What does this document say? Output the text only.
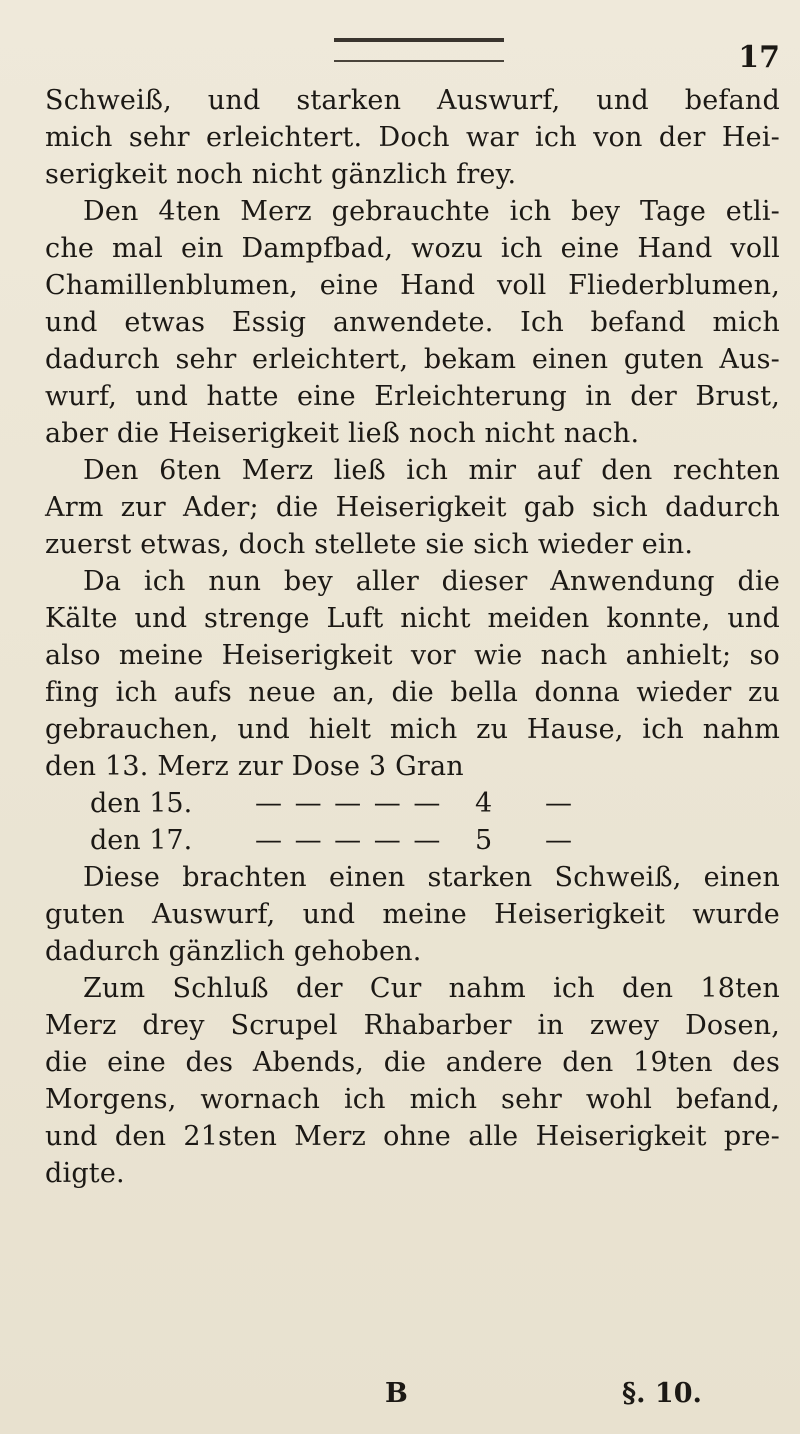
17
Schweiß, und starken Auswurf, und befand
mich sehr erleichtert. Doch war ich von der Hei-
serigkeit noch nicht gänzlich frey.
Den 4ten Merz gebrauchte ich bey Tage etli-
che mal ein Dampfbad, wozu ich eine Hand voll
Chamillenblumen, eine Hand voll Fliederblumen,
und etwas Essig anwendete. Ich befand mich
dadurch sehr erleichtert, bekam einen guten Aus-
wurf, und hatte eine Erleichterung in der Brust,
aber die Heiserigkeit ließ noch nicht nach.
Den 6ten Merz ließ ich mir auf den rechten
Arm zur Ader; die Heiserigkeit gab sich dadurch
zuerst etwas, doch stellete sie sich wieder ein.
Da ich nun bey aller dieser Anwendung die
Kälte und strenge Luft nicht meiden konnte, und
also meine Heiserigkeit vor wie nach anhielt; so
fing ich aufs neue an, die bella donna wieder zu
gebrauchen, und hielt mich zu Hause, ich nahm
den 13. Merz zur Dose 3 Gran
den 15. — — — — — 4 —
den 17. — — — — — 5 —
Diese brachten einen starken Schweiß, einen
guten Auswurf, und meine Heiserigkeit wurde
dadurch gänzlich gehoben.
Zum Schluß der Cur nahm ich den 18ten
Merz drey Scrupel Rhabarber in zwey Dosen,
die eine des Abends, die andere den 19ten des
Morgens, wornach ich mich sehr wohl befand,
und den 21sten Merz ohne alle Heiserigkeit pre-
digte.
B	§. 10.
